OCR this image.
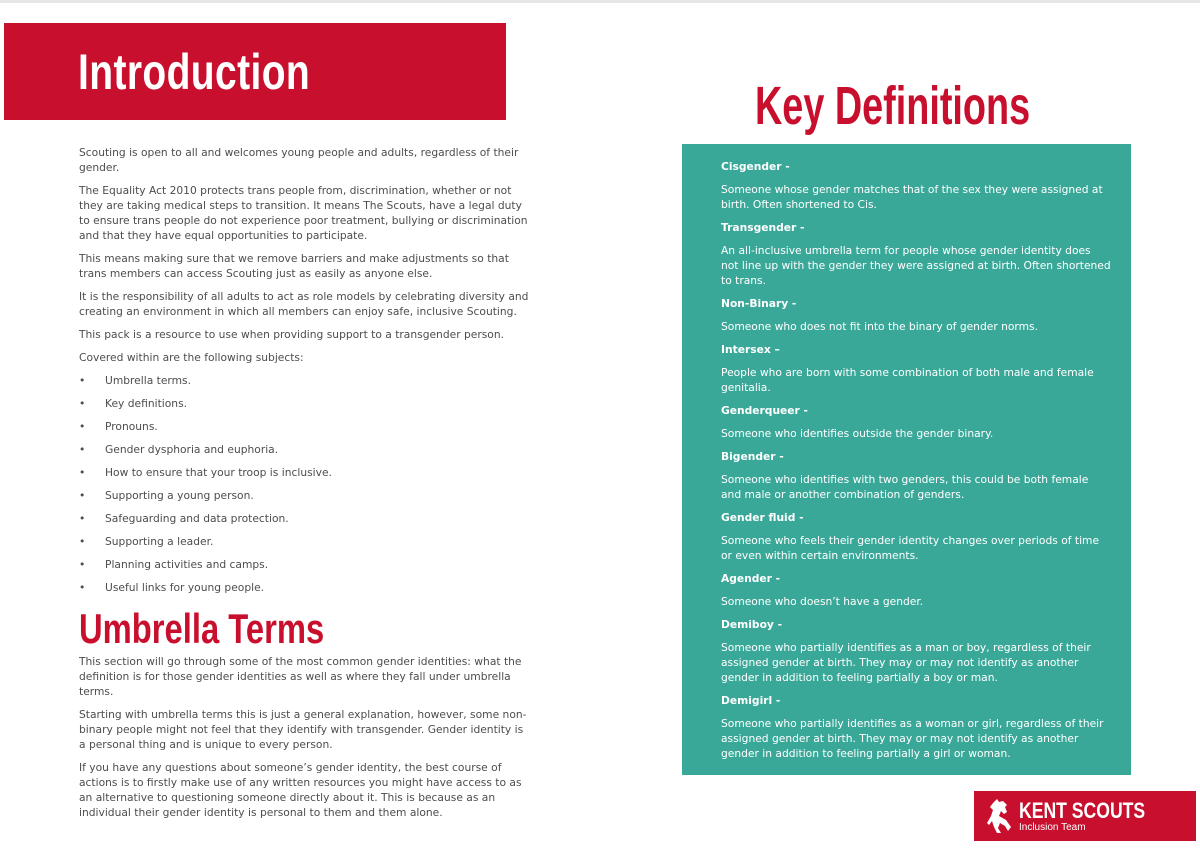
Introduction

Scouting is open to all and welcomes young people and adults, regardless of their gender.

The Equality Act 2010 protects trans people from, discrimination, whether or not they are taking medical steps to transition. It means The Scouts, have a legal duty to ensure trans people do not experience poor treatment, bullying or discrimination and that they have equal opportunities to participate.

This means making sure that we remove barriers and make adjustments so that trans members can access Scouting just as easily as anyone else.

It is the responsibility of all adults to act as role models by celebrating diversity and creating an environment in which all members can enjoy safe, inclusive Scouting.

This pack is a resource to use when providing support to a transgender person.

Covered within are the following subjects:

• Umbrella terms.
• Key definitions.
• Pronouns.
• Gender dysphoria and euphoria.
• How to ensure that your troop is inclusive.
• Supporting a young person.
• Safeguarding and data protection.
• Supporting a leader.
• Planning activities and camps.
• Useful links for young people.
Umbrella Terms

This section will go through some of the most common gender identities: what the definition is for those gender identities as well as where they fall under umbrella terms.

Starting with umbrella terms this is just a general explanation, however, some non-binary people might not feel that they identify with transgender. Gender identity is a personal thing and is unique to every person.

If you have any questions about someone’s gender identity, the best course of actions is to firstly make use of any written resources you might have access to as an alternative to questioning someone directly about it. This is because as an individual their gender identity is personal to them and them alone.

Key Definitions
Cisgender -
Someone whose gender matches that of the sex they were assigned at birth. Often shortened to Cis.
Transgender -
An all-inclusive umbrella term for people whose gender identity does not line up with the gender they were assigned at birth. Often shortened to trans.
Non-Binary -
Someone who does not fit into the binary of gender norms.
Intersex –
People who are born with some combination of both male and female genitalia.
Genderqueer -
Someone who identifies outside the gender binary.
Bigender -
Someone who identifies with two genders, this could be both female and male or another combination of genders.
Gender fluid -
Someone who feels their gender identity changes over periods of time or even within certain environments.
Agender -
Someone who doesn’t have a gender.
Demiboy -
Someone who partially identifies as a man or boy, regardless of their assigned gender at birth. They may or may not identify as another gender in addition to feeling partially a boy or man.
Demigirl -
Someone who partially identifies as a woman or girl, regardless of their assigned gender at birth. They may or may not identify as another gender in addition to feeling partially a girl or woman.
KENT SCOUTS
Inclusion Team
